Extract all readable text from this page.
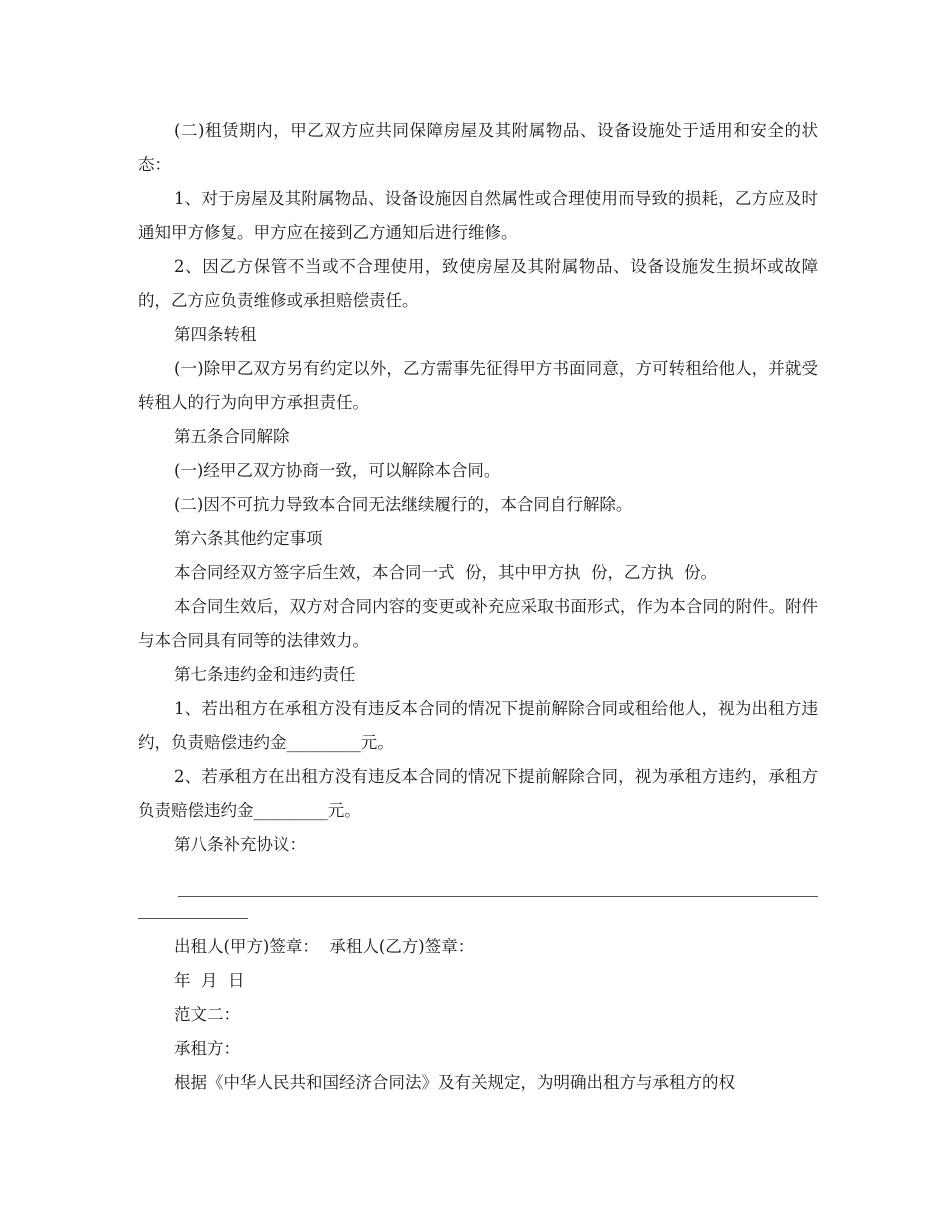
(二)租赁期内，甲乙双方应共同保障房屋及其附属物品、设备设施处于适用和安全的状态：

1、对于房屋及其附属物品、设备设施因自然属性或合理使用而导致的损耗，乙方应及时通知甲方修复。甲方应在接到乙方通知后进行维修。

2、因乙方保管不当或不合理使用，致使房屋及其附属物品、设备设施发生损坏或故障的，乙方应负责维修或承担赔偿责任。

第四条转租

(一)除甲乙双方另有约定以外，乙方需事先征得甲方书面同意，方可转租给他人，并就受转租人的行为向甲方承担责任。

第五条合同解除

(一)经甲乙双方协商一致，可以解除本合同。

(二)因不可抗力导致本合同无法继续履行的，本合同自行解除。

第六条其他约定事项

本合同经双方签字后生效，本合同一式  份，其中甲方执  份，乙方执  份。

本合同生效后，双方对合同内容的变更或补充应采取书面形式，作为本合同的附件。附件与本合同具有同等的法律效力。

第七条违约金和违约责任

1、若出租方在承租方没有违反本合同的情况下提前解除合同或租给他人，视为出租方违约，负责赔偿违约金_________元。

2、若承租方在出租方没有违反本合同的情况下提前解除合同，视为承租方违约，承租方负责赔偿违约金_________元。

第八条补充协议：

出租人(甲方)签章：  承租人(乙方)签章：

年  月  日

范文二：

承租方：

根据《中华人民共和国经济合同法》及有关规定，为明确出租方与承租方的权
